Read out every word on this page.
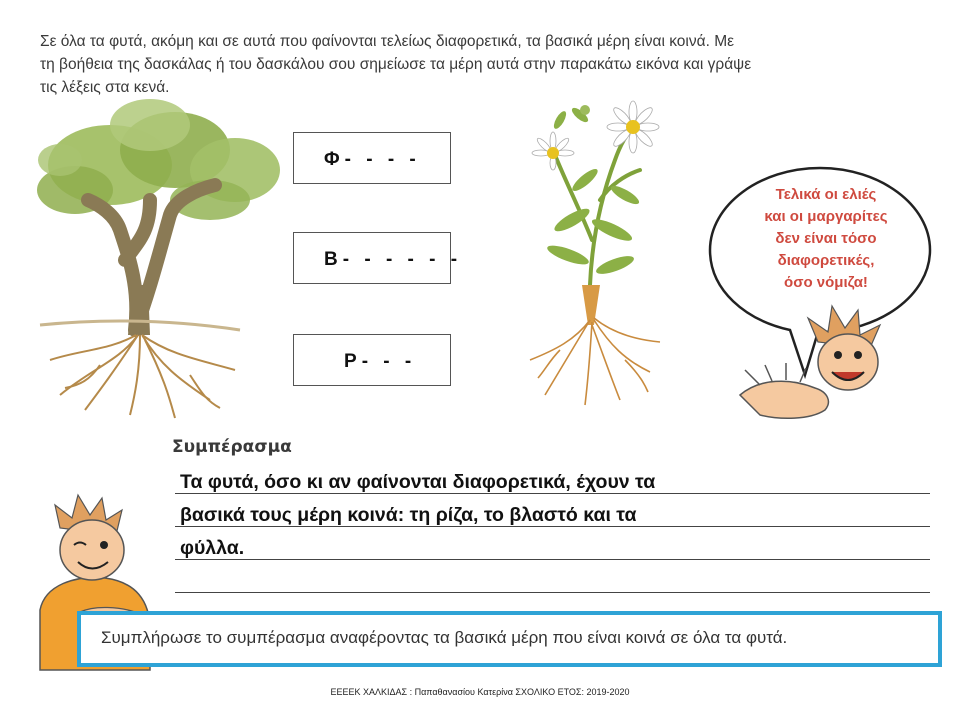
Σε όλα τα φυτά, ακόμη και σε αυτά που φαίνονται τελείως διαφορετικά, τα βασικά μέρη είναι κοινά. Με
τη βοήθεια της δασκάλας ή του δασκάλου σου σημείωσε τα μέρη αυτά στην παρακάτω εικόνα και γράψε
τις λέξεις στα κενά.
Φ - - - -
Β - - - - - -
Ρ - - -
Τελικά οι ελιές
και οι μαργαρίτες
δεν είναι τόσο
διαφορετικές,
όσο νόμιζα!
Συμπέρασμα
Τα φυτά, όσο κι αν φαίνονται διαφορετικά, έχουν τα
βασικά τους μέρη κοινά: τη ρίζα, το βλαστό και τα
φύλλα.
Συμπλήρωσε το συμπέρασμα αναφέροντας τα βασικά μέρη που είναι κοινά σε όλα τα φυτά.
ΕΕΕΕΚ ΧΑΛΚΙΔΑΣ : Παπαθανασίου Κατερίνα ΣΧΟΛΙΚΟ ΕΤΟΣ: 2019-2020
